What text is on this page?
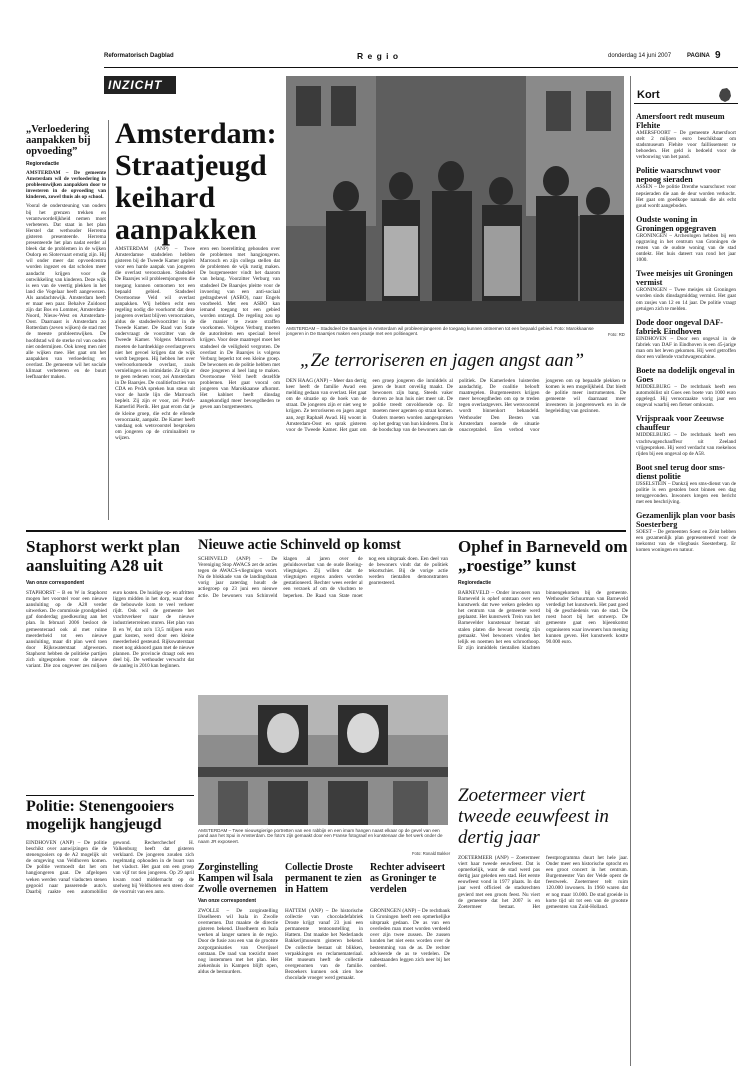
Reformatorisch Dagblad	R e g i o	donderdag 14 juni 2007	PAGINA 9
INZICHT
„Verloedering aanpakken bij opvoeding”
Regioredactie
AMSTERDAM – De gemeente Amsterdam wil de verloedering in probleemwijken aanpakken door te investeren in de opvoeding van kinderen, zowel thuis als op school.
Vooral de ondersteuning van ouders bij het grenzen trekken en verantwoordelijkheid nemen moet verbeteren. Dat staat in het plan Herstel dat wethouder Herrema gisteren presenteerde. Herrema presenteerde het plan nadat eerder al bleek dat de problemen in de wijken Osdorp en Slotervaart ernstig zijn. Hij wil onder meer dat opvoedcentra worden ingezet en dat scholen meer aandacht krijgen voor de ontwikkeling van kinderen. Deze wijk is een van de veertig plekken in het land die Vogelaar heeft aangewezen. Als aandachtswijk. Amsterdam heeft er maar een paar. Behalve Zuidoost zijn dat Bos en Lommer, Amsterdam-Noord, Nieuw-West en Amsterdam-Oost. Daarnaast is Amsterdam zo Rotterdam (zeven wijken) de stad met de meeste probleemwijken. De hoofdstad wil de sterke rol van ouders niet ondermijnen. Ook kreeg men niet alle wijken mee. Het gaat om het aanpakken van verloedering en overlast. De gemeente wil het sociale klimaat verbeteren en de buurt leefbaarder maken.
Amsterdam: Straatjeugd keihard aanpakken
AMSTERDAM (ANP) – Twee Amsterdamse stadsdelen hebben gisteren bij de Tweede Kamer gepleit voor een harde aanpak van jongeren die overlast veroorzaken. Stadsdeel De Baarsjes wil probleemjongeren die toegang kunnen ontnomen tot een bepaald gebied. Stadsdeel Overtoomse Veld wil overlast aanpakken. Wij hebben echt een regeling nodig die voorkomt dat deze jongeren overlast blijven veroorzaken, aldus de stadsdeelvoorzitter in de Tweede Kamer. De Raad van State ondervraagt de voorzitter van de Tweede Kamer. Volgens Marrouch moeten de hardnekkige overlastgevers niet het gevoel krijgen dat de wijk wordt begrepen. Hij hebben het over veelvoorkomende overlast, zoals vernielingen en intimidatie. Ze zijn er te geen redenen voor, zei Amsterdam in De Baarsjes. De coalitiefracties van CDA en PvdA spreken hun steun uit voor de harde lijn die Marrouch bepleit. Zij zijn er voor, zei PvdA-Kamerlid Pierik. Het gaat erom dat je de kleine groep, die echt de ellende veroorzaakt, aanpakt. De Kamer heeft vandaag ook wetsvoorstel besproken om jongeren op de criminaliteit te wijzen.
eren een boerelitting gehouden over de problemen met hangjongeren. Marrouch en zijn collega stellen dat de problemen de wijk rustig maken. De burgemeester vindt het daarom van belang. Voorzitter Verburg van stadsdeel De Baarsjes pleitte voor de invoering van een anti-sociaal gedragsbevel (ASBO), naar Engels voorbeeld. Met een ASBO kan iemand toegang tot een gebied worden ontzegd. De regeling zou op die manier te zware straffen voorkomen. Volgens Verburg moeten de autoriteiten een speciaal bevel krijgen. Voor deze maatregel moet het stadsdeel de veiligheid vergroten. De overlast in De Baarsjes is volgens Verburg beperkt tot een kleine groep. De bewoners en de politie hebben met deze jongeren al heel lang te maken. Overtoomse Veld heeft dezelfde problemen. Het gaat vooral om jongeren van Marokkaanse afkomst. Het kabinet heeft dinsdag aangekondigd meer bevoegdheden te geven aan burgemeesters.
AMSTERDAM – Stadsdeel De Baarsjes in Amsterdam wil probleemjongeren de toegang kunnen ontnemen tot een bepaald gebied. Foto: Marokkaanse jongeren in De Baarsjes maken een praatje met een politieagent.	Foto: RD
„Ze terroriseren en jagen angst aan”
DEN HAAG (ANP) – Meer dan dertig keer heeft de familie Awad een melding gedaan van overlast. Het gaat om de situatie op de hoek van de straat. De jongeren zijn er niet weg te krijgen. Ze terroriseren en jagen angst aan, zegt Raphaël Awad. Hij woont in Amsterdam-Oost en sprak gisteren voor de Tweede Kamer. Het gaat om een groep jongeren die inmiddels al jaren de buurt onveilig maakt. De bewoners zijn bang. Steeds vaker durven ze hun huis niet meer uit. De politie treedt onvoldoende op. Er moeten meer agenten op straat komen. Ouders moeten worden aangesproken op het gedrag van hun kinderen. Dat is de boodschap van de bewoners aan de politiek. De Kamerleden luisterden aandachtig. De coalitie belooft maatregelen. Burgemeesters krijgen meer bevoegdheden om op te treden tegen overlastgevers. Het wetsvoorstel wordt binnenkort behandeld. Wethouder Den Besten van Amsterdam noemde de situatie onacceptabel. Een verbod voor jongeren om op bepaalde plekken te komen is een mogelijkheid. Dat biedt de politie meer instrumenten. De gemeente wil daarnaast meer investeren in jongerenwerk en in de begeleiding van gezinnen.
Kort
Amersfoort redt museum Flehite
AMERSFOORT – De gemeente Amersfoort stelt 2 miljoen euro beschikbaar om stadsmuseum Flehite voor faillissement te behoeden. Het geld is bedoeld voor de verbouwing van het pand.
Politie waarschuwt voor nepoog sieraden
ASSEN – De politie Drenthe waarschuwt voor nepsieraden die aan de deur worden verkocht. Het gaat om goedkope namaak die als echt goud wordt aangeboden.
Oudste woning in Groningen opgegraven
GRONINGEN – Archeologen hebben bij een opgraving in het centrum van Groningen de resten van de oudste woning van de stad ontdekt. Het huis dateert van rond het jaar 1000.
Twee meisjes uit Groningen vermist
GRONINGEN – Twee meisjes uit Groningen worden sinds dinsdagmiddag vermist. Het gaat om zusjes van 12 en 14 jaar. De politie vraagt getuigen zich te melden.
Dode door ongeval DAF-fabriek Eindhoven
EINDHOVEN – Door een ongeval in de fabriek van DAF in Eindhoven is een 45-jarige man om het leven gekomen. Hij werd getroffen door een vallende vrachtwagencabine.
Boete na dodelijk ongeval in Goes
MIDDELBURG – De rechtbank heeft een automobilist uit Goes een boete van 1000 euro opgelegd. Hij veroorzaakte vorig jaar een ongeval waarbij een fietser omkwam.
Vrijspraak voor Zeeuwse chauffeur
MIDDELBURG – De rechtbank heeft een vrachtwagenchauffeur uit Zeeland vrijgesproken. Hij werd verdacht van roekeloos rijden bij een ongeval op de A58.
Boot snel terug door sms-dienst politie
IJSSELSTEIN – Dankzij een sms-dienst van de politie is een gestolen boot binnen een dag teruggevonden. Inwoners kregen een bericht met een beschrijving.
Gezamenlijk plan voor basis Soesterberg
SOEST – De gemeenten Soest en Zeist hebben een gezamenlijk plan gepresenteerd voor de toekomst van de vliegbasis Soesterberg. Er komen woningen en natuur.
Staphorst werkt plan aansluiting A28 uit
Van onze correspondent
STAPHORST – B en W in Staphorst mogen het voorstel voor een nieuwe aansluiting op de A28 verder uitwerken. De commissie grondgebied gaf donderdag goedkeuring aan het plan. In februari 2006 besloot de gemeenteraad ook al met ruime meerderheid tot een nieuwe aansluiting, maar dit plan werd toen door Rijkswaterstaat afgewezen. Staphorst hebben de politieke partijen zich uitgesproken voor de nieuwe variant. Die zou ongeveer zes miljoen euro kosten. De huidige op- en afritten liggen midden in het dorp, waar door de bebouwde kom te veel verkeer rijdt. Ook wil de gemeente het vrachtverkeer naar de nieuwe industrieterreinen sturen. Het plan van B en W, dat zo'n 13,5 miljoen euro gaat kosten, werd door een kleine meerderheid gesteund. Rijkswaterstaat moet nog akkoord gaan met de nieuwe plannen. De provincie draagt ook een deel bij. De wethouder verwacht dat de aanleg in 2010 kan beginnen.
Nieuwe actie Schinveld op komst
SCHINVELD (ANP) – De Vereniging Stop AWACS zet de acties tegen de AWACS-vliegtuigen voort. Na de blokkade van de landingsbaan vorig jaar zaterdag houdt de actiegroep op 23 juni een nieuwe actie. De bewoners van Schinveld klagen al jaren over de geluidsoverlast van de oude Boeing-vliegtuigen. Zij willen dat de vliegtuigen ergens anders worden gestationeerd. Rechter wees eerder al een verzoek af om de vluchten te beperken. De Raad van State moet nog een uitspraak doen. Een deel van de bewoners vindt dat de politiek tekortschiet. Bij de vorige actie werden tientallen demonstranten gearresteerd.
AMSTERDAM – Twee nieuwsgierige portretten van een rabbijn en een imam hangen naast elkaar op de gevel van een pand aan het Spui in Amsterdam. De foto's zijn gemaakt door een Franse fotograaf en kunstenaar die het werk onder de naam JR exposeert.
Foto: Ronald Bakker
Ophef in Barneveld om „roestige” kunst
Regioredactie
BARNEVELD – Onder inwoners van Barneveld is ophef ontstaan over een kunstwerk dat twee weken geleden op het centrum van de gemeente werd geplaatst. Het kunstwerk Trein van het Barnevelder kunstenaar bestaat uit stalen platen die bewust roestig zijn gemaakt. Veel bewoners vinden het lelijk en noemen het een schroothoop. Er zijn inmiddels tientallen klachten binnengekomen bij de gemeente. Wethouder Schuurman van Barneveld verdedigt het kunstwerk. Het past goed bij de geschiedenis van de stad. De roest hoort bij het ontwerp. De gemeente gaat een bijeenkomst organiseren waar inwoners hun mening kunnen geven. Het kunstwerk kostte 90.000 euro.
Zoetermeer viert tweede eeuwfeest in dertig jaar
ZOETERMEER (ANP) – Zoetermeer viert haar tweede eeuwfeest. Dat is opmerkelijk, want de stad werd pas dertig jaar geleden een stad. Het eerste eeuwfeest vond in 1977 plaats. In dat jaar werd officieel de stadsrechten gevierd met een groots feest. Nu viert de gemeente dat het 2007 is en Zoetermeer bestaat. Het feestprogramma duurt het hele jaar. Onder meer een historische optocht en een groot concert in het centrum. Burgemeester Van der Velde opent de feestweek. Zoetermeer telt ruim 120.000 inwoners. In 1960 waren dat er nog maar 10.000. De stad groeide in korte tijd uit tot een van de grootste gemeenten van Zuid-Holland.
Politie: Stenengooiers mogelijk hangjeugd
EINDHOVEN (ANP) – De politie beschikt over aanwijzingen die de stenengooiers op de A2 mogelijk uit de omgeving van Veldhoven komen. De politie vermoedt dat het om hangjongeren gaat. De afgelopen weken werden vanaf viaducten stenen gegooid naar passerende auto's. Daarbij raakte een automobilist gewond. Recherchechef H. Valkenburg heeft dat gisteren verklaard. De jongeren zouden zich regelmatig ophouden in de buurt van het viaduct. Het gaat om een groep van vijf tot tien jongeren. Op 29 april kwam rond middernacht op de snelweg bij Veldhoven een steen door de voorruit van een auto.
Zorginstelling Kampen wil Isala Zwolle overnemen
Van onze correspondent
ZWOLLE – De zorginstelling IJsselheem wil Isala in Zwolle overnemen. Dat maakte de directie gisteren bekend. IJsselheem en Isala werken al langer samen in de regio. Door de fusie zou een van de grootste zorgorganisaties van Overijssel ontstaan. De raad van toezicht moet nog instemmen met het plan. Het ziekenhuis in Kampen blijft open, aldus de bestuurders.
Collectie Droste permanent te zien in Hattem
HATTEM (ANP) – De historische collectie van chocoladefabriek Droste krijgt vanaf 23 juni een permanente tentoonstelling in Hattem. Dat maakte het Nederlands Bakkerijmuseum gisteren bekend. De collectie bestaat uit blikken, verpakkingen en reclamemateriaal. Het museum heeft de collectie overgenomen van de familie. Bezoekers kunnen ook zien hoe chocolade vroeger werd gemaakt.
Rechter adviseert as Groninger te verdelen
GRONINGEN (ANP) – De rechtbank in Groningen heeft een opmerkelijke uitspraak gedaan. De as van een overleden man moet worden verdeeld over zijn twee zussen. De zussen konden het niet eens worden over de bestemming van de as. De rechter adviseerde de as te verdelen. De nabestaanden leggen zich neer bij het oordeel.
